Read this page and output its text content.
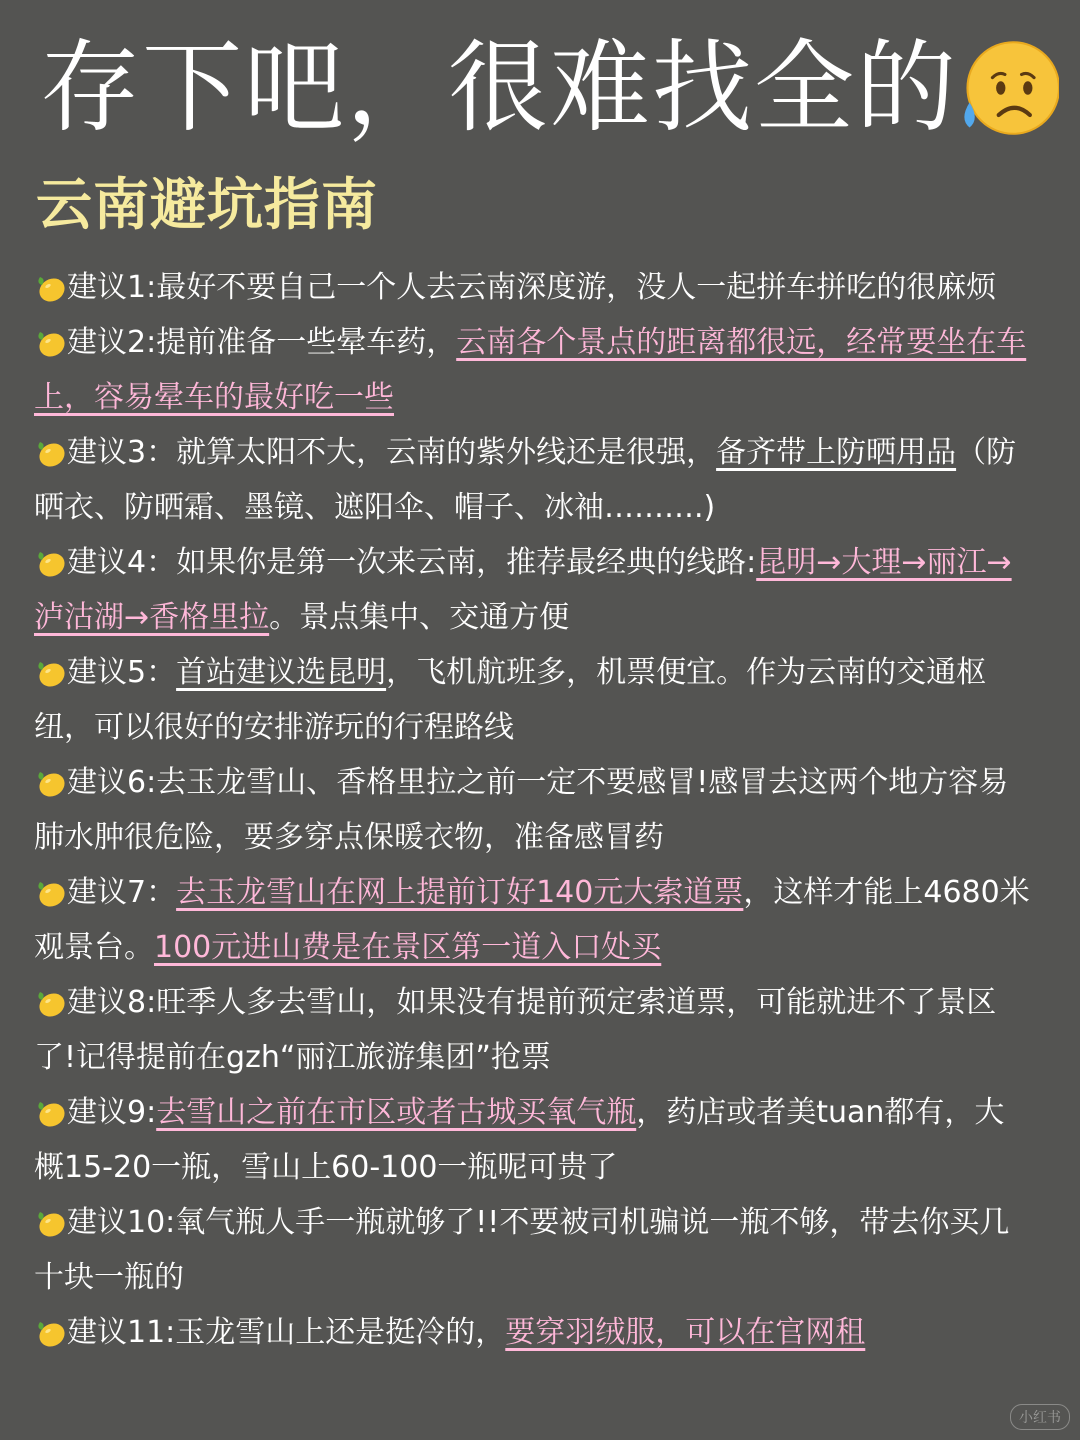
存下吧，很难找全的
云南避坑指南
建议1:最好不要自己一个人去云南深度游，没人一起拼车拼吃的很麻烦
建议2:提前准备一些晕车药，云南各个景点的距离都很远，经常要坐在车上，容易晕车的最好吃一些
建议3：就算太阳不大，云南的紫外线还是很强，备齐带上防晒用品（防晒衣、防晒霜、墨镜、遮阳伞、帽子、冰袖……….)
建议4：如果你是第一次来云南，推荐最经典的线路:昆明→大理→丽江→泸沽湖→香格里拉。景点集中、交通方便
建议5：首站建议选昆明，飞机航班多，机票便宜。作为云南的交通枢纽，可以很好的安排游玩的行程路线
建议6:去玉龙雪山、香格里拉之前一定不要感冒!感冒去这两个地方容易肺水肿很危险，要多穿点保暖衣物，准备感冒药
建议7：去玉龙雪山在网上提前订好140元大索道票，这样才能上4680米观景台。100元进山费是在景区第一道入口处买
建议8:旺季人多去雪山，如果没有提前预定索道票，可能就进不了景区了!记得提前在gzh“丽江旅游集团”抢票
建议9:去雪山之前在市区或者古城买氧气瓶，药店或者美tuan都有，大概15-20一瓶，雪山上60-100一瓶呢可贵了
建议10:氧气瓶人手一瓶就够了!!不要被司机骗说一瓶不够，带去你买几十块一瓶的
建议11:玉龙雪山上还是挺冷的，要穿羽绒服，可以在官网租
小红书
